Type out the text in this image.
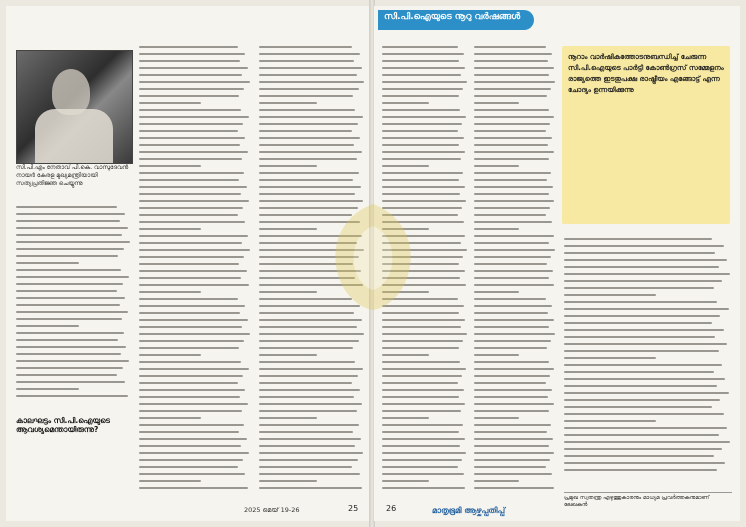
സി.പി.എം നേതാവ് പി.കെ. വാസുദേവൻ നായർ കേരള മുഖ്യമന്ത്രിയായി സത്യപ്രതിജ്ഞ ചെയ്യുന്നു
കാലഘട്ടം സി.പി.ഐയുടെ ആവശ്യമെന്തായിരുന്നു?
2025 മെയ് 19-26	25
സി.പി.ഐയുടെ നൂറു വർഷങ്ങൾ
നൂറാം വാർഷികത്തോടനുബന്ധിച്ച് ചേരുന്ന സി.പി.ഐയുടെ പാർട്ടി കോൺഗ്രസ് സമ്മേളനം രാജ്യത്തെ ഇടതുപക്ഷ രാഷ്ട്രീയം എങ്ങോട്ട് എന്ന ചോദ്യം ഉന്നയിക്കുന്നു
പ്രമുഖ സ്വതന്ത്ര എഴുത്തുകാരനും മാധ്യമ പ്രവർത്തകനുമാണ് ലേഖകൻ
26	മാതൃഭൂമി ആഴ്ചപ്പതിപ്പ്
